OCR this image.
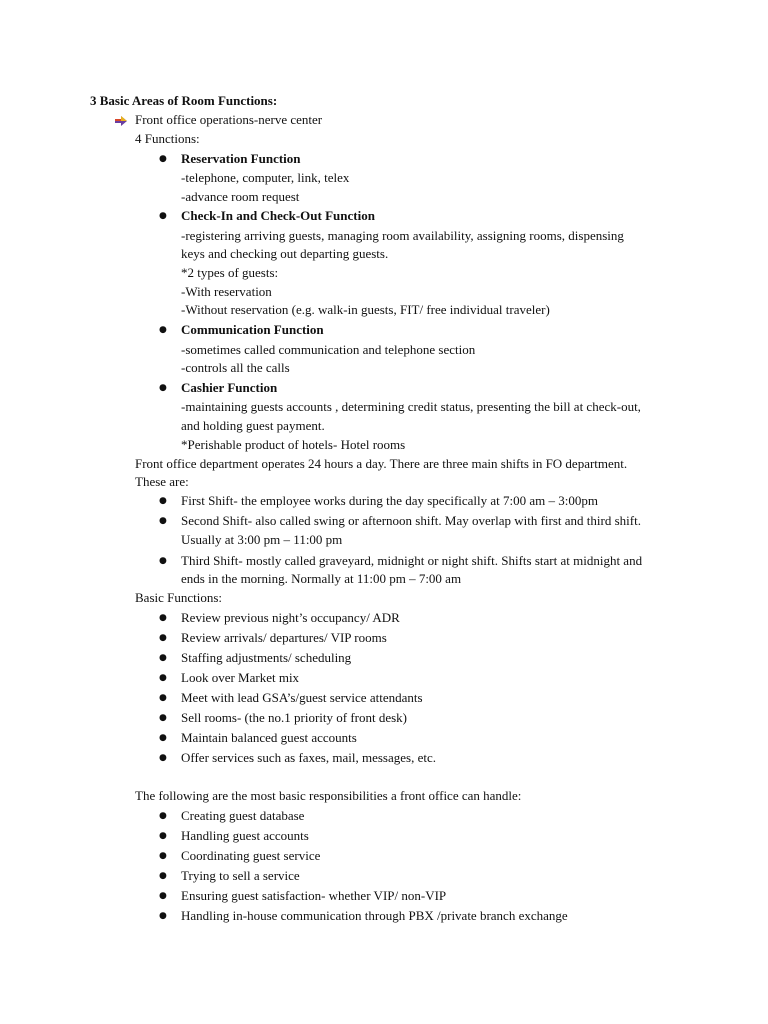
3 Basic Areas of Room Functions:
Front office operations-nerve center
4 Functions:
● Reservation Function
-telephone, computer, link, telex
-advance room request
● Check-In and Check-Out Function
-registering arriving guests, managing room availability, assigning rooms, dispensing
keys and checking out departing guests.
*2 types of guests:
-With reservation
-Without reservation (e.g. walk-in guests, FIT/ free individual traveler)
● Communication Function
-sometimes called communication and telephone section
-controls all the calls
● Cashier Function
-maintaining guests accounts , determining credit status, presenting the bill at check-out,
and holding guest payment.
*Perishable product of hotels- Hotel rooms
Front office department operates 24 hours a day. There are three main shifts in FO department.
These are:
● First Shift- the employee works during the day specifically at 7:00 am – 3:00pm
● Second Shift- also called swing or afternoon shift. May overlap with first and third shift.
Usually at 3:00 pm – 11:00 pm
● Third Shift- mostly called graveyard, midnight or night shift. Shifts start at midnight and
ends in the morning. Normally at 11:00 pm – 7:00 am
Basic Functions:
● Review previous night’s occupancy/ ADR
● Review arrivals/ departures/ VIP rooms
● Staffing adjustments/ scheduling
● Look over Market mix
● Meet with lead GSA’s/guest service attendants
● Sell rooms- (the no.1 priority of front desk)
● Maintain balanced guest accounts
● Offer services such as faxes, mail, messages, etc.
The following are the most basic responsibilities a front office can handle:
● Creating guest database
● Handling guest accounts
● Coordinating guest service
● Trying to sell a service
● Ensuring guest satisfaction- whether VIP/ non-VIP
● Handling in-house communication through PBX /private branch exchange
